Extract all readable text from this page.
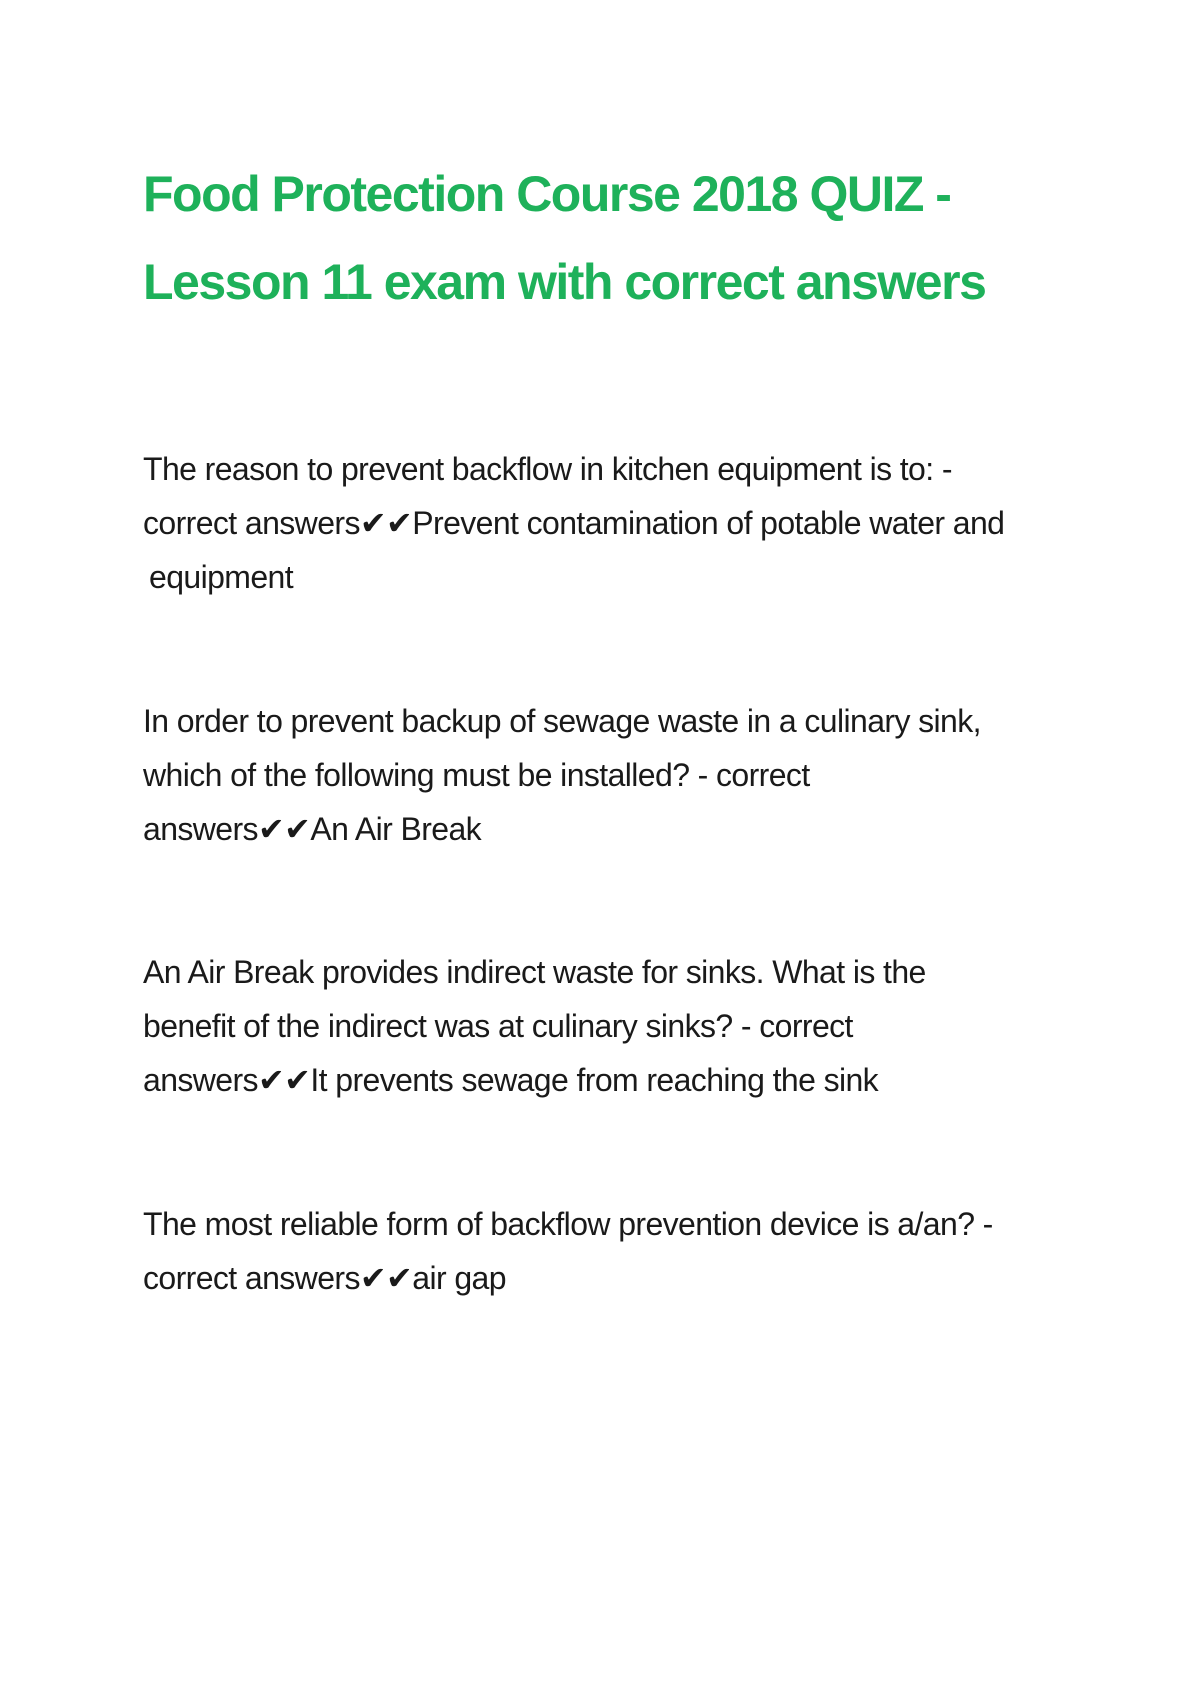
Food Protection Course 2018 QUIZ -
Lesson 11 exam with correct answers
The reason to prevent backflow in kitchen equipment is to: -
correct answers✔✔Prevent contamination of potable water and
equipment
In order to prevent backup of sewage waste in a culinary sink,
which of the following must be installed? - correct
answers✔✔An Air Break
An Air Break provides indirect waste for sinks. What is the
benefit of the indirect was at culinary sinks? - correct
answers✔✔It prevents sewage from reaching the sink
The most reliable form of backflow prevention device is a/an? -
correct answers✔✔air gap
